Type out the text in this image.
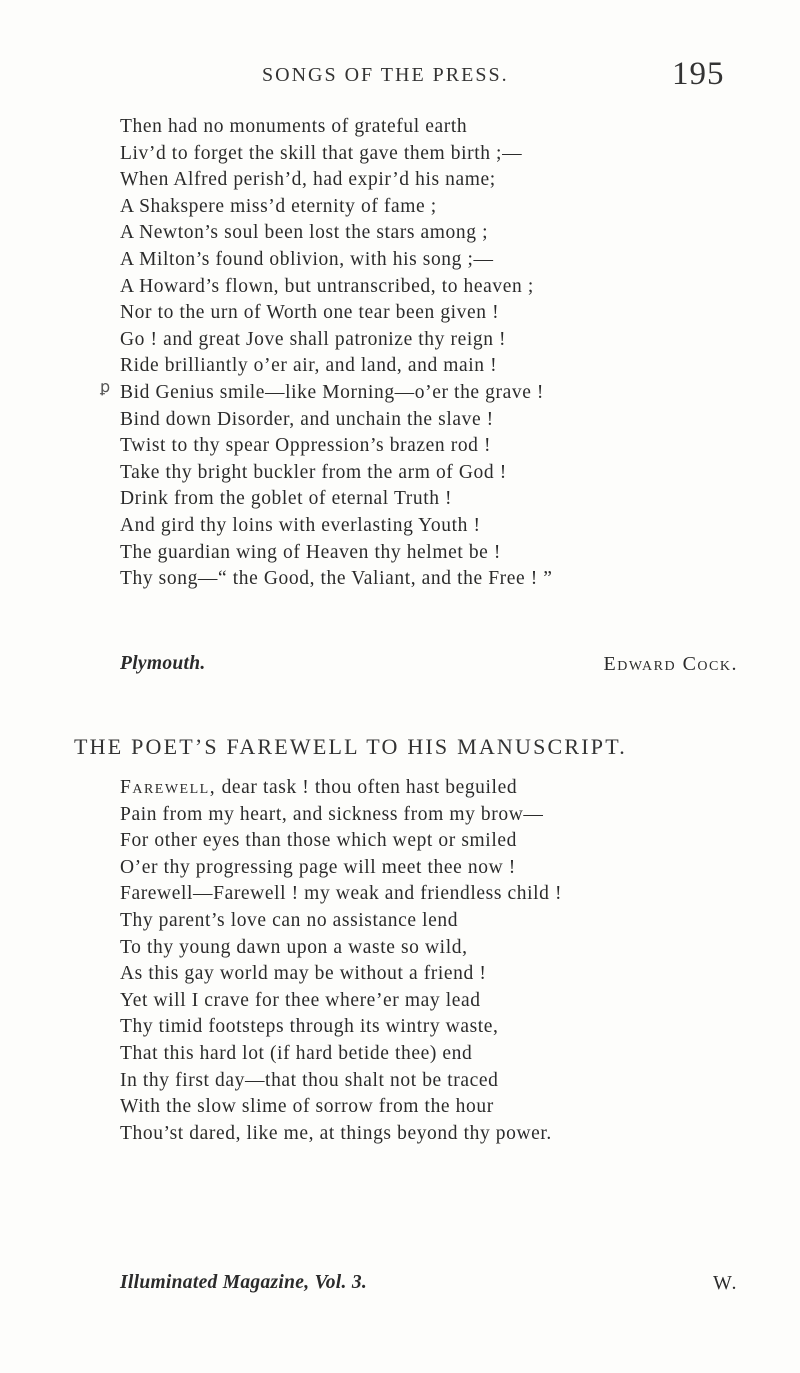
SONGS OF THE PRESS.	195
ꝑ
Then had no monuments of grateful earth
Liv’d to forget the skill that gave them birth ;—
When Alfred perish’d, had expir’d his name;
A Shakspere miss’d eternity of fame ;
A Newton’s soul been lost the stars among ;
A Milton’s found oblivion, with his song ;—
A Howard’s flown, but untranscribed, to heaven ;
Nor to the urn of Worth one tear been given !
Go ! and great Jove shall patronize thy reign !
Ride brilliantly o’er air, and land, and main !
Bid Genius smile—like Morning—o’er the grave !
Bind down Disorder, and unchain the slave !
Twist to thy spear Oppression’s brazen rod !
Take thy bright buckler from the arm of God !
Drink from the goblet of eternal Truth !
And gird thy loins with everlasting Youth !
The guardian wing of Heaven thy helmet be !
Thy song—“ the Good, the Valiant, and the Free ! ”
Plymouth.	Edward Cock.
THE POET’S FAREWELL TO HIS MANUSCRIPT.
Farewell, dear task ! thou often hast beguiled
Pain from my heart, and sickness from my brow—
For other eyes than those which wept or smiled
O’er thy progressing page will meet thee now !
Farewell—Farewell ! my weak and friendless child !
Thy parent’s love can no assistance lend
To thy young dawn upon a waste so wild,
As this gay world may be without a friend !
Yet will I crave for thee where’er may lead
Thy timid footsteps through its wintry waste,
That this hard lot (if hard betide thee) end
In thy first day—that thou shalt not be traced
With the slow slime of sorrow from the hour
Thou’st dared, like me, at things beyond thy power.
Illuminated Magazine, Vol. 3.	W.
